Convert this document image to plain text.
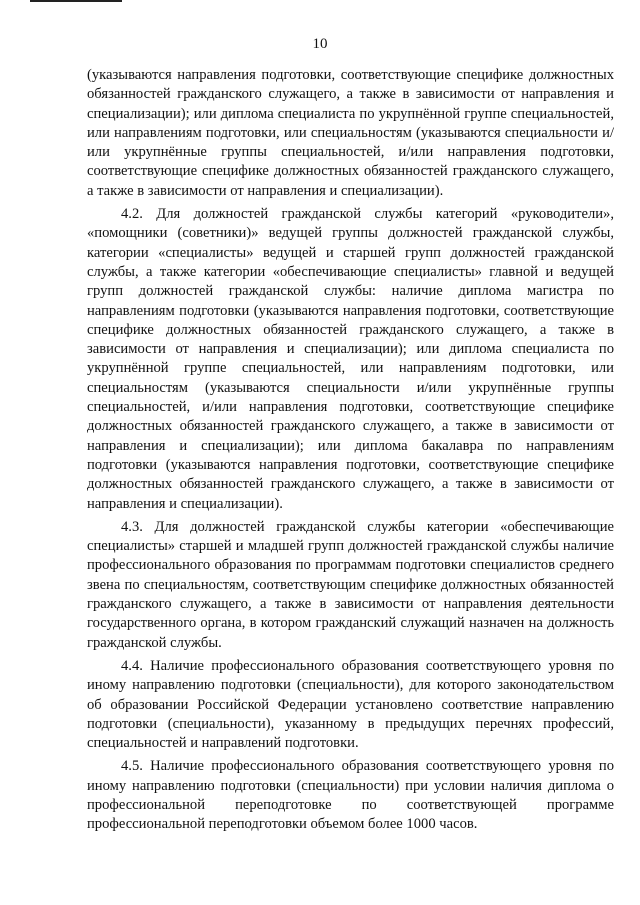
10

(указываются направления подготовки, соответствующие специфике должностных обязанностей гражданского служащего, а также в зависимости от направления и специализации); или диплома специалиста по укрупнённой группе специальностей, или направлениям подготовки, или специальностям (указываются специальности и/или укрупнённые группы специальностей, и/или направления подготовки, соответствующие специфике должностных обязанностей гражданского служащего, а также в зависимости от направления и специализации).

4.2. Для должностей гражданской службы категорий «руководители», «помощники (советники)» ведущей группы должностей гражданской службы, категории «специалисты» ведущей и старшей групп должностей гражданской службы, а также категории «обеспечивающие специалисты» главной и ведущей групп должностей гражданской службы: наличие диплома магистра по направлениям подготовки (указываются направления подготовки, соответствующие специфике должностных обязанностей гражданского служащего, а также в зависимости от направления и специализации); или диплома специалиста по укрупнённой группе специальностей, или направлениям подготовки, или специальностям (указываются специальности и/или укрупнённые группы специальностей, и/или направления подготовки, соответствующие специфике должностных обязанностей гражданского служащего, а также в зависимости от направления и специализации); или диплома бакалавра по направлениям подготовки (указываются направления подготовки, соответствующие специфике должностных обязанностей гражданского служащего, а также в зависимости от направления и специализации).

4.3. Для должностей гражданской службы категории «обеспечивающие специалисты» старшей и младшей групп должностей гражданской службы наличие профессионального образования по программам подготовки специалистов среднего звена по специальностям, соответствующим специфике должностных обязанностей гражданского служащего, а также в зависимости от направления деятельности государственного органа, в котором гражданский служащий назначен на должность гражданской службы.

4.4. Наличие профессионального образования соответствующего уровня по иному направлению подготовки (специальности), для которого законодательством об образовании Российской Федерации установлено соответствие направлению подготовки (специальности), указанному в предыдущих перечнях профессий, специальностей и направлений подготовки.

4.5. Наличие профессионального образования соответствующего уровня по иному направлению подготовки (специальности) при условии наличия диплома о профессиональной переподготовке по соответствующей программе профессиональной переподготовки объемом более 1000 часов.
